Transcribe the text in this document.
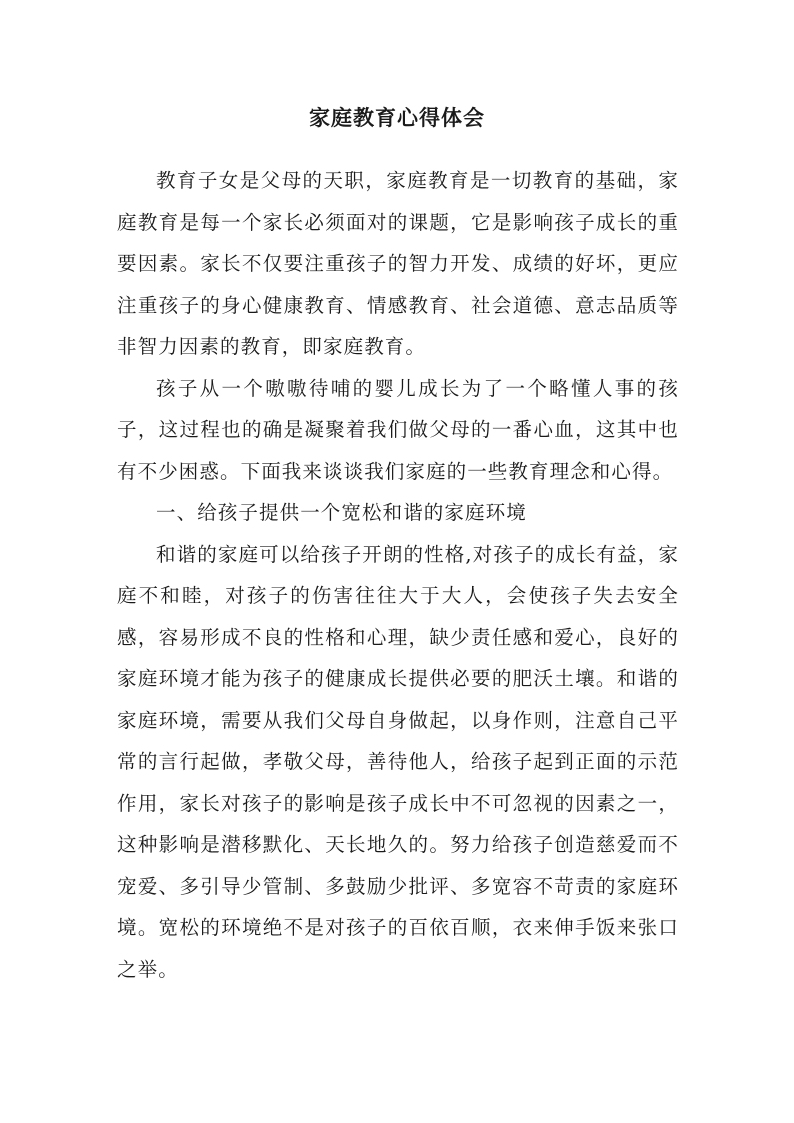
家庭教育心得体会

教育子女是父母的天职，家庭教育是一切教育的基础，家庭教育是每一个家长必须面对的课题，它是影响孩子成长的重要因素。家长不仅要注重孩子的智力开发、成绩的好坏，更应注重孩子的身心健康教育、情感教育、社会道德、意志品质等非智力因素的教育，即家庭教育。

孩子从一个嗷嗷待哺的婴儿成长为了一个略懂人事的孩子，这过程也的确是凝聚着我们做父母的一番心血，这其中也有不少困惑。下面我来谈谈我们家庭的一些教育理念和心得。

一、给孩子提供一个宽松和谐的家庭环境

和谐的家庭可以给孩子开朗的性格,对孩子的成长有益，家庭不和睦，对孩子的伤害往往大于大人，会使孩子失去安全感，容易形成不良的性格和心理，缺少责任感和爱心，良好的家庭环境才能为孩子的健康成长提供必要的肥沃土壤。和谐的家庭环境，需要从我们父母自身做起，以身作则，注意自己平常的言行起做，孝敬父母，善待他人，给孩子起到正面的示范作用，家长对孩子的影响是孩子成长中不可忽视的因素之一，这种影响是潜移默化、天长地久的。努力给孩子创造慈爱而不宠爱、多引导少管制、多鼓励少批评、多宽容不苛责的家庭环境。宽松的环境绝不是对孩子的百依百顺，衣来伸手饭来张口之举。
